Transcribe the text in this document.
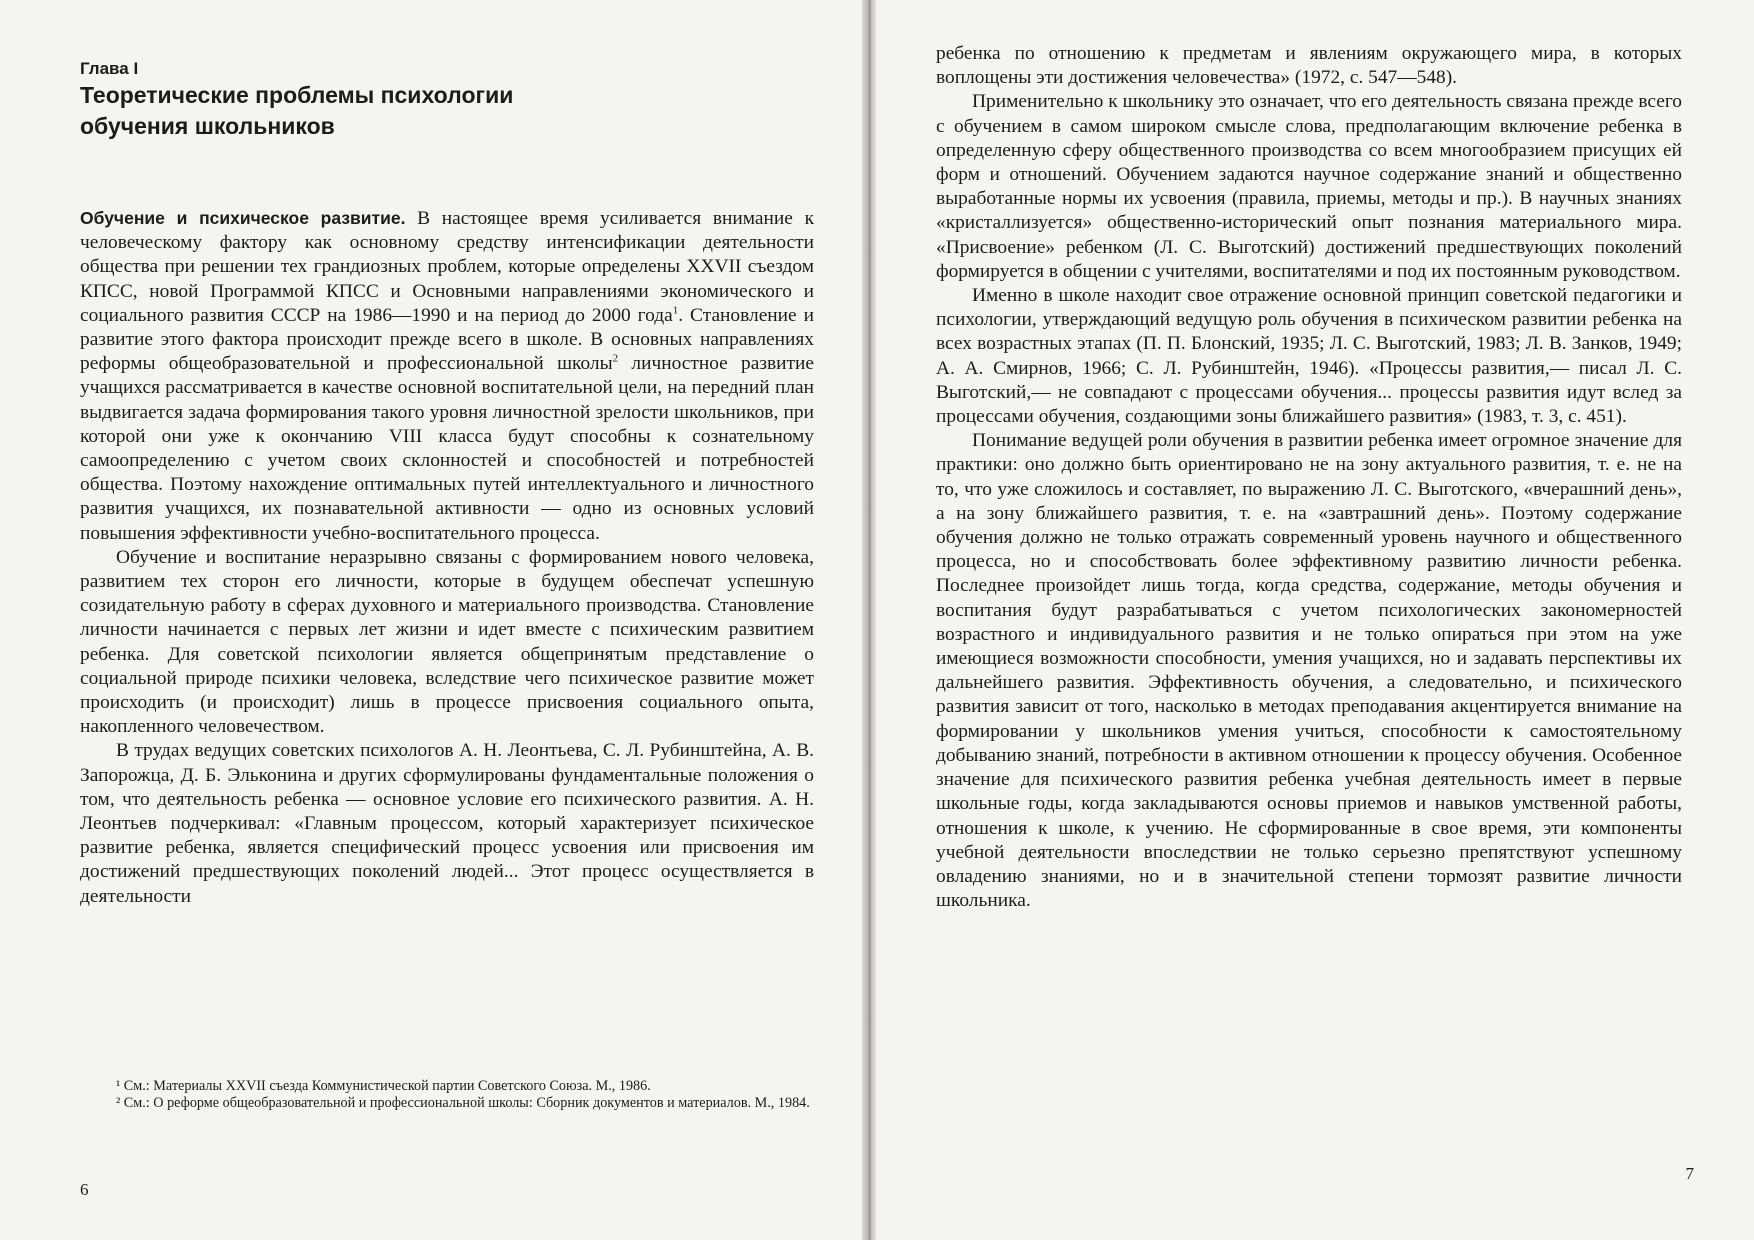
Глава I

Теоретические проблемы психологии обучения школьников

Обучение и психическое развитие. В настоящее время усиливается внимание к человеческому фактору как основному средству интенсификации деятельности общества при решении тех грандиозных проблем, которые определены XXVII съездом КПСС, новой Программой КПСС и Основными направлениями экономического и социального развития СССР на 1986—1990 и на период до 2000 года$^1$. Становление и развитие этого фактора происходит прежде всего в школе. В основных направлениях реформы общеобразовательной и профессиональной школы$^2$ личностное развитие учащихся рассматривается в качестве основной воспитательной цели, на передний план выдвигается задача формирования такого уровня личностной зрелости школьников, при которой они уже к окончанию VIII класса будут способны к сознательному самоопределению с учетом своих склонностей и способностей и потребностей общества. Поэтому нахождение оптимальных путей интеллектуального и личностного развития учащихся, их познавательной активности — одно из основных условий повышения эффективности учебно-воспитательного процесса.

Обучение и воспитание неразрывно связаны с формированием нового человека, развитием тех сторон его личности, которые в будущем обеспечат успешную созидательную работу в сферах духовного и материального производства. Становление личности начинается с первых лет жизни и идет вместе с психическим развитием ребенка. Для советской психологии является общепринятым представление о социальной природе психики человека, вследствие чего психическое развитие может происходить (и происходит) лишь в процессе присвоения социального опыта, накопленного человечеством.

В трудах ведущих советских психологов А. Н. Леонтьева, С. Л. Рубинштейна, А. В. Запорожца, Д. Б. Эльконина и других сформулированы фундаментальные положения о том, что деятельность ребенка — основное условие его психического развития. А. Н. Леонтьев подчеркивал: «Главным процессом, который характеризует психическое развитие ребенка, является специфический процесс усвоения или присвоения им достижений предшествующих поколений людей... Этот процесс осуществляется в деятельности

¹ См.: Материалы XXVII съезда Коммунистической партии Советского Союза. М., 1986.

² См.: О реформе общеобразовательной и профессиональной школы: Сборник документов и материалов. М., 1984.

6

ребенка по отношению к предметам и явлениям окружающего мира, в которых воплощены эти достижения человечества» (1972, с. 547—548).

Применительно к школьнику это означает, что его деятельность связана прежде всего с обучением в самом широком смысле слова, предполагающим включение ребенка в определенную сферу общественного производства со всем многообразием присущих ей форм и отношений. Обучением задаются научное содержание знаний и общественно выработанные нормы их усвоения (правила, приемы, методы и пр.). В научных знаниях «кристаллизуется» общественно-исторический опыт познания материального мира. «Присвоение» ребенком (Л. С. Выготский) достижений предшествующих поколений формируется в общении с учителями, воспитателями и под их постоянным руководством.

Именно в школе находит свое отражение основной принцип советской педагогики и психологии, утверждающий ведущую роль обучения в психическом развитии ребенка на всех возрастных этапах (П. П. Блонский, 1935; Л. С. Выготский, 1983; Л. В. Занков, 1949; А. А. Смирнов, 1966; С. Л. Рубинштейн, 1946). «Процессы развития,— писал Л. С. Выготский,— не совпадают с процессами обучения... процессы развития идут вслед за процессами обучения, создающими зоны ближайшего развития» (1983, т. 3, с. 451).

Понимание ведущей роли обучения в развитии ребенка имеет огромное значение для практики: оно должно быть ориентировано не на зону актуального развития, т. е. не на то, что уже сложилось и составляет, по выражению Л. С. Выготского, «вчерашний день», а на зону ближайшего развития, т. е. на «завтрашний день». Поэтому содержание обучения должно не только отражать современный уровень научного и общественного процесса, но и способствовать более эффективному развитию личности ребенка. Последнее произойдет лишь тогда, когда средства, содержание, методы обучения и воспитания будут разрабатываться с учетом психологических закономерностей возрастного и индивидуального развития и не только опираться при этом на уже имеющиеся возможности способности, умения учащихся, но и задавать перспективы их дальнейшего развития. Эффективность обучения, а следовательно, и психического развития зависит от того, насколько в методах преподавания акцентируется внимание на формировании у школьников умения учиться, способности к самостоятельному добыванию знаний, потребности в активном отношении к процессу обучения. Особенное значение для психического развития ребенка учебная деятельность имеет в первые школьные годы, когда закладываются основы приемов и навыков умственной работы, отношения к школе, к учению. Не сформированные в свое время, эти компоненты учебной деятельности впоследствии не только серьезно препятствуют успешному овладению знаниями, но и в значительной степени тормозят развитие личности школьника.

7
